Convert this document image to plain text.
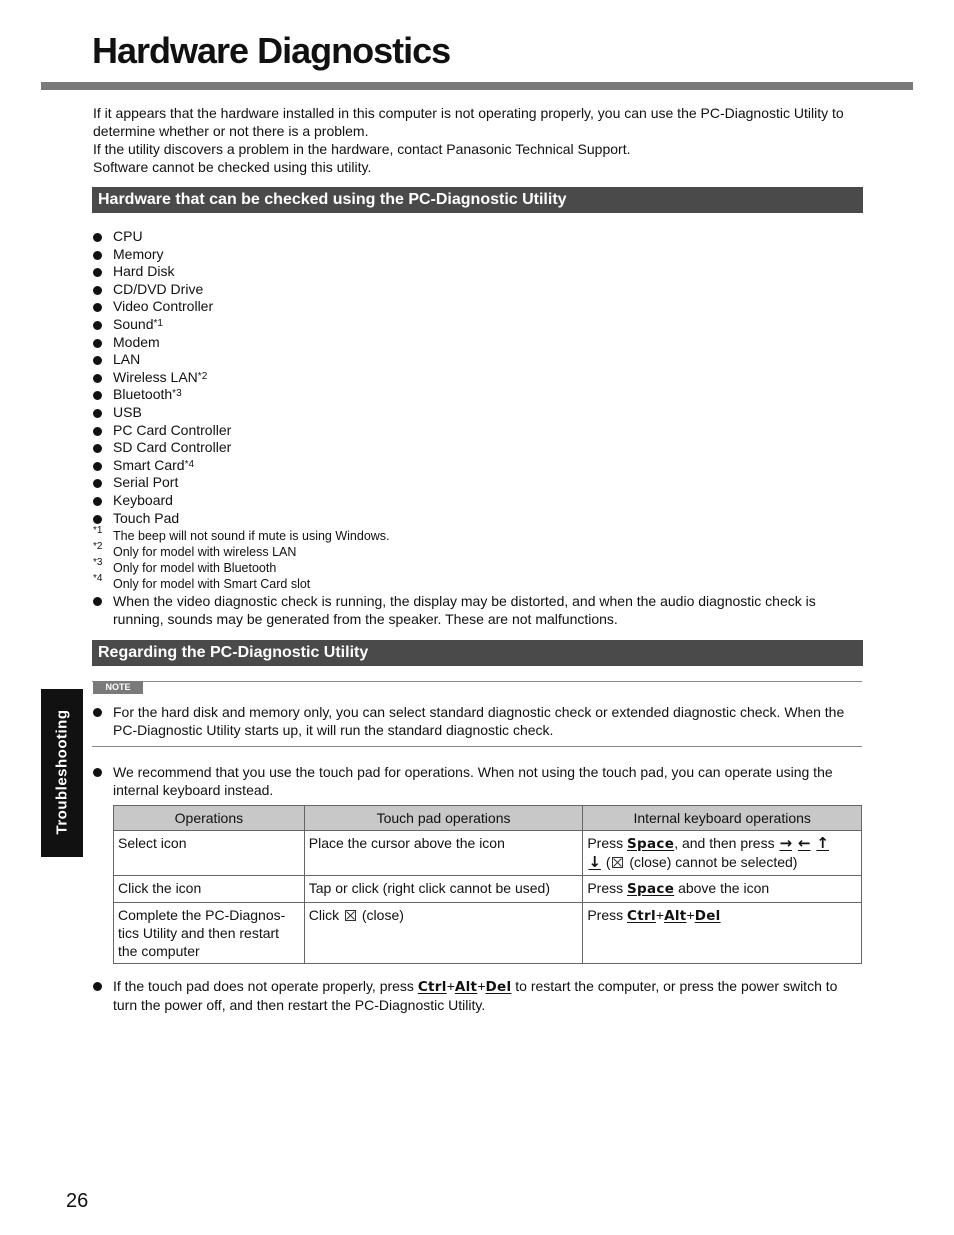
Hardware Diagnostics

If it appears that the hardware installed in this computer is not operating properly, you can use the PC-Diagnostic Utility to determine whether or not there is a problem.

If the utility discovers a problem in the hardware, contact Panasonic Technical Support.

Software cannot be checked using this utility.

Hardware that can be checked using the PC-Diagnostic Utility
CPU
Memory
Hard Disk
CD/DVD Drive
Video Controller
Sound$^{*1}$
Modem
LAN
Wireless LAN$^{*2}$
Bluetooth$^{*3}$
USB
PC Card Controller
SD Card Controller
Smart Card$^{*4}$
Serial Port
Keyboard
Touch Pad
*1 The beep will not sound if mute is using Windows.
*2 Only for model with wireless LAN
*3 Only for model with Bluetooth
*4 Only for model with Smart Card slot
When the video diagnostic check is running, the display may be distorted, and when the audio diagnostic check is running, sounds may be generated from the speaker. These are not malfunctions.
Regarding the PC-Diagnostic Utility
NOTE
For the hard disk and memory only, you can select standard diagnostic check or extended diagnostic check. When the PC-Diagnostic Utility starts up, it will run the standard diagnostic check.
Troubleshooting	We recommend that you use the touch pad for operations. When not using the touch pad, you can operate using the internal keyboard instead.
Operations	Touch pad operations	Internal keyboard operations
Select icon	Place the cursor above the icon	Press Space, and then press → ← ↑
↓ ( (close) cannot be selected)
Click the icon	Tap or click (right click cannot be used)	Press Space above the icon
Complete the PC-Diagnos-tics Utility and then restart the computer	Click (close)	Press Ctrl+Alt+Del
If the touch pad does not operate properly, press Ctrl+Alt+Del to restart the computer, or press the power switch to turn the power off, and then restart the PC-Diagnostic Utility.
26
